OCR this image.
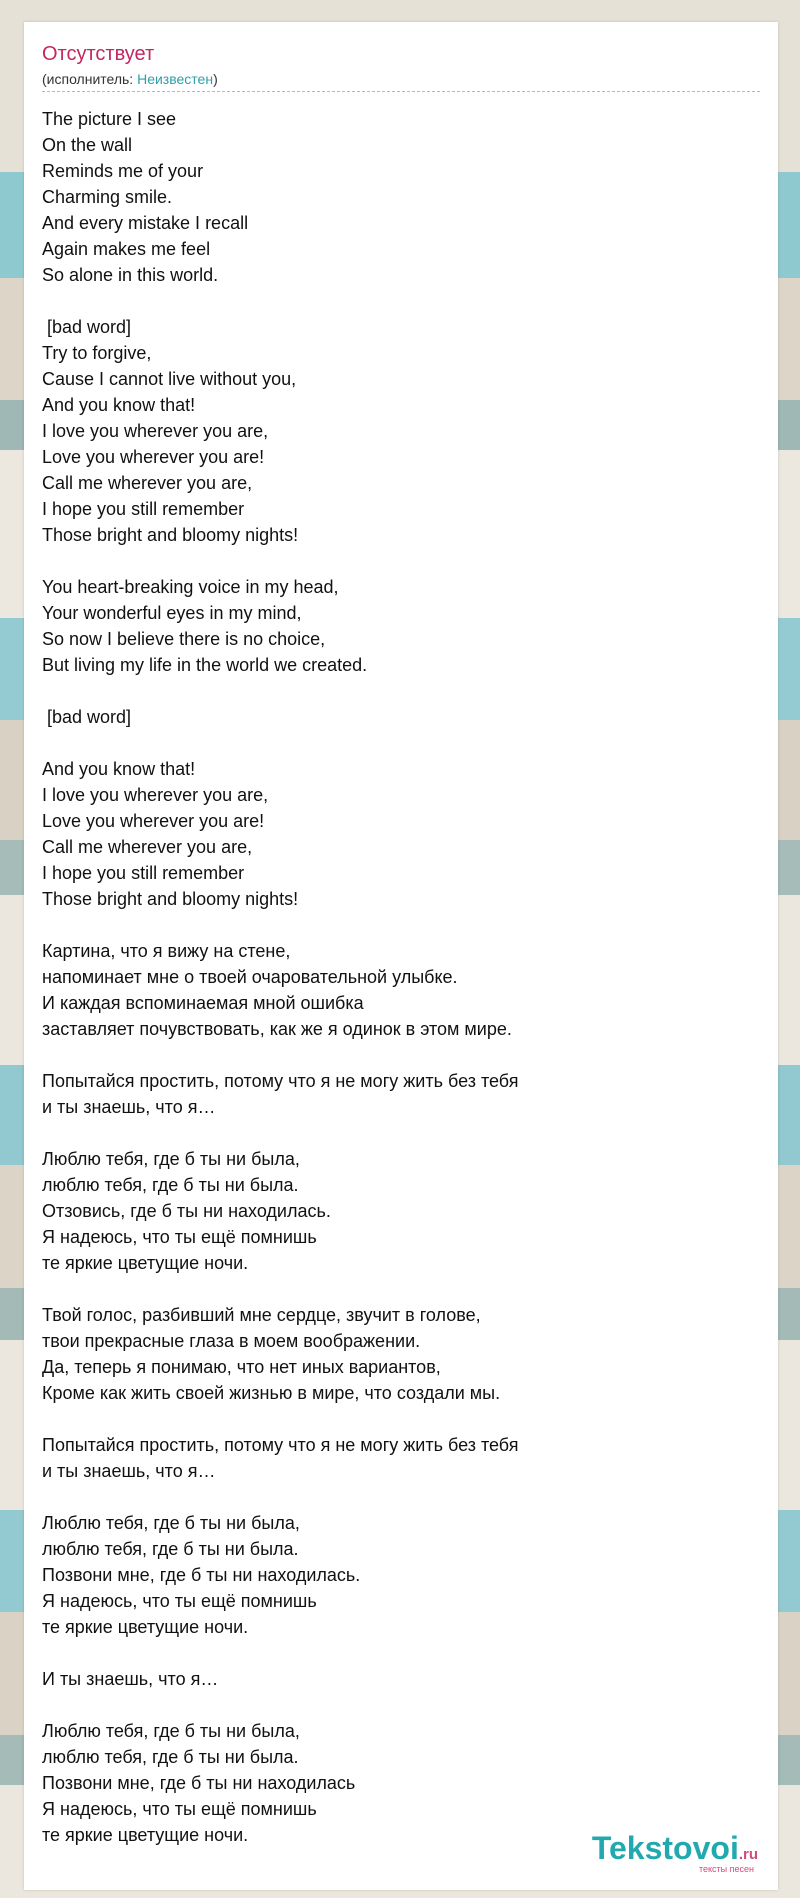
Отсутствует
(исполнитель: Неизвестен)
The picture I see
On the wall
Reminds me of your
Charming smile.
And every mistake I recall
Again makes me feel
So alone in this world.

[bad word]
Try to forgive,
Cause I cannot live without you,
And you know that!
I love you wherever you are,
Love you wherever you are!
Call me wherever you are,
I hope you still remember
Those bright and bloomy nights!

You heart-breaking voice in my head,
Your wonderful eyes in my mind,
So now I believe there is no choice,
But living my life in the world we created.

[bad word]

And you know that!
I love you wherever you are,
Love you wherever you are!
Call me wherever you are,
I hope you still remember
Those bright and bloomy nights!

Картина, что я вижу на стене,
напоминает мне о твоей очаровательной улыбке.
И каждая вспоминаемая мной ошибка
заставляет почувствовать, как же я одинок в этом мире.

Попытайся простить, потому что я не могу жить без тебя
и ты знаешь, что я…

Люблю тебя, где б ты ни была,
люблю тебя, где б ты ни была.
Отзовись, где б ты ни находилась.
Я надеюсь, что ты ещё помнишь
те яркие цветущие ночи.

Твой голос, разбивший мне сердце, звучит в голове,
твои прекрасные глаза в моем воображении.
Да, теперь я понимаю, что нет иных вариантов,
Кроме как жить своей жизнью в мире, что создали мы.

Попытайся простить, потому что я не могу жить без тебя
и ты знаешь, что я…

Люблю тебя, где б ты ни была,
люблю тебя, где б ты ни была.
Позвони мне, где б ты ни находилась.
Я надеюсь, что ты ещё помнишь
те яркие цветущие ночи.

И ты знаешь, что я…

Люблю тебя, где б ты ни была,
люблю тебя, где б ты ни была.
Позвони мне, где б ты ни находилась
Я надеюсь, что ты ещё помнишь
те яркие цветущие ночи.	Tekstovoi.ru
тексты песен
